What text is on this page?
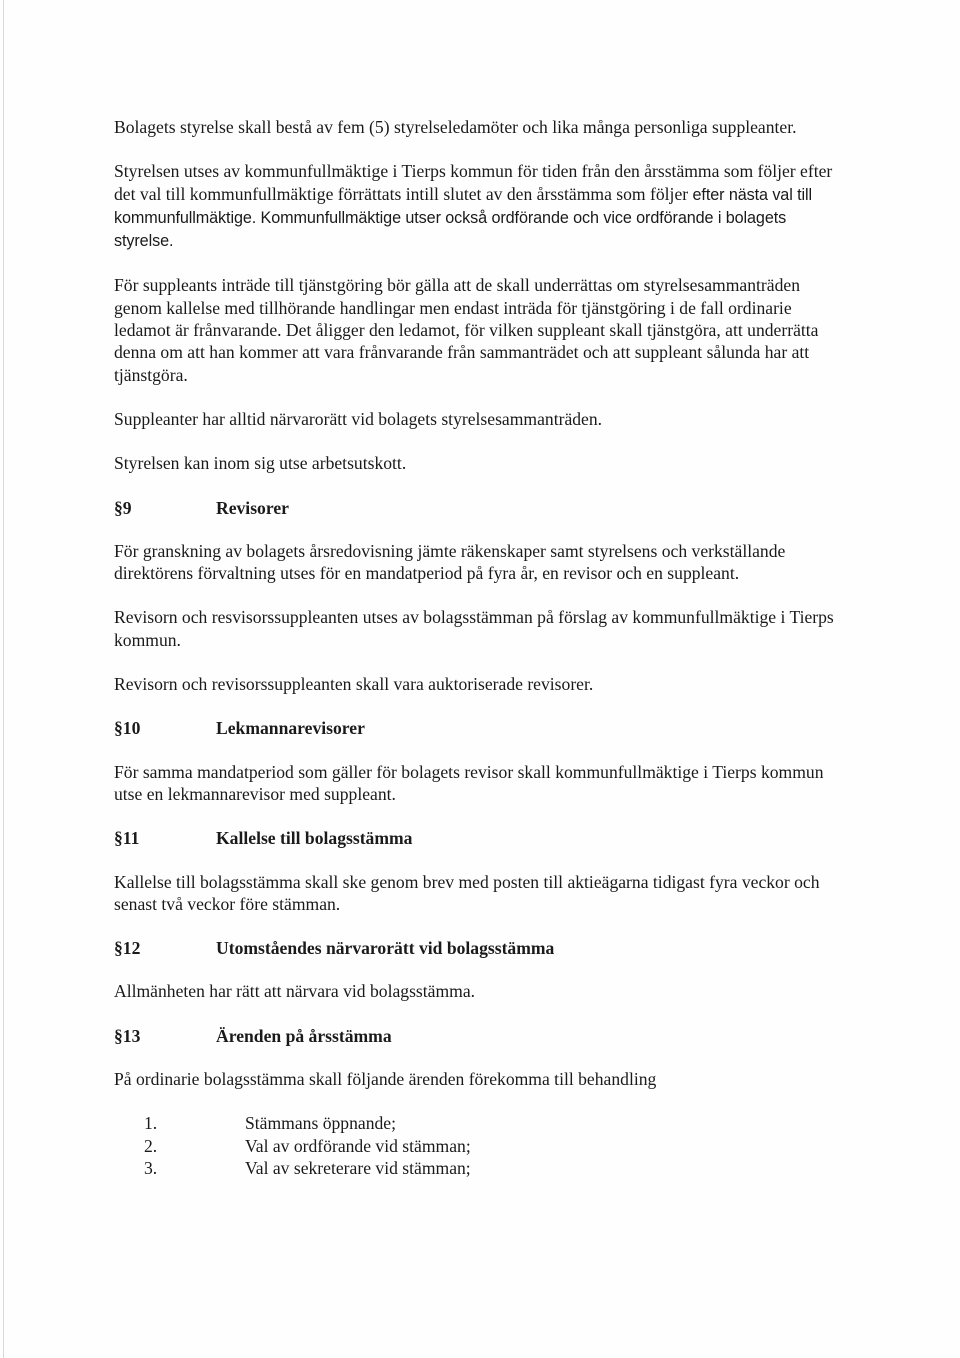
Bolagets styrelse skall bestå av fem (5) styrelseledamöter och lika många personliga suppleanter.

Styrelsen utses av kommunfullmäktige i Tierps kommun för tiden från den årsstämma som följer efter det val till kommunfullmäktige förrättats intill slutet av den årsstämma som följer efter nästa val till kommunfullmäktige. Kommunfullmäktige utser också ordförande och vice ordförande i bolagets styrelse.

För suppleants inträde till tjänstgöring bör gälla att de skall underrättas om styrelsesammanträden genom kallelse med tillhörande handlingar men endast inträda för tjänstgöring i de fall ordinarie ledamot är frånvarande. Det åligger den ledamot, för vilken suppleant skall tjänstgöra, att underrätta denna om att han kommer att vara frånvarande från sammanträdet och att suppleant sålunda har att tjänstgöra.

Suppleanter har alltid närvarorätt vid bolagets styrelsesammanträden.

Styrelsen kan inom sig utse arbetsutskott.

§9	Revisorer

För granskning av bolagets årsredovisning jämte räkenskaper samt styrelsens och verkställande direktörens förvaltning utses för en mandatperiod på fyra år, en revisor och en suppleant.

Revisorn och resvisorssuppleanten utses av bolagsstämman på förslag av kommunfullmäktige i Tierps kommun.

Revisorn och revisorssuppleanten skall vara auktoriserade revisorer.

§10	Lekmannarevisorer

För samma mandatperiod som gäller för bolagets revisor skall kommunfullmäktige i Tierps kommun utse en lekmannarevisor med suppleant.

§11	Kallelse till bolagsstämma

Kallelse till bolagsstämma skall ske genom brev med posten till aktieägarna tidigast fyra veckor och senast två veckor före stämman.

§12	Utomståendes närvarorätt vid bolagsstämma

Allmänheten har rätt att närvara vid bolagsstämma.

§13	Ärenden på årsstämma

På ordinarie bolagsstämma skall följande ärenden förekomma till behandling

1.	Stämmans öppnande;
2.	Val av ordförande vid stämman;
3.	Val av sekreterare vid stämman;
